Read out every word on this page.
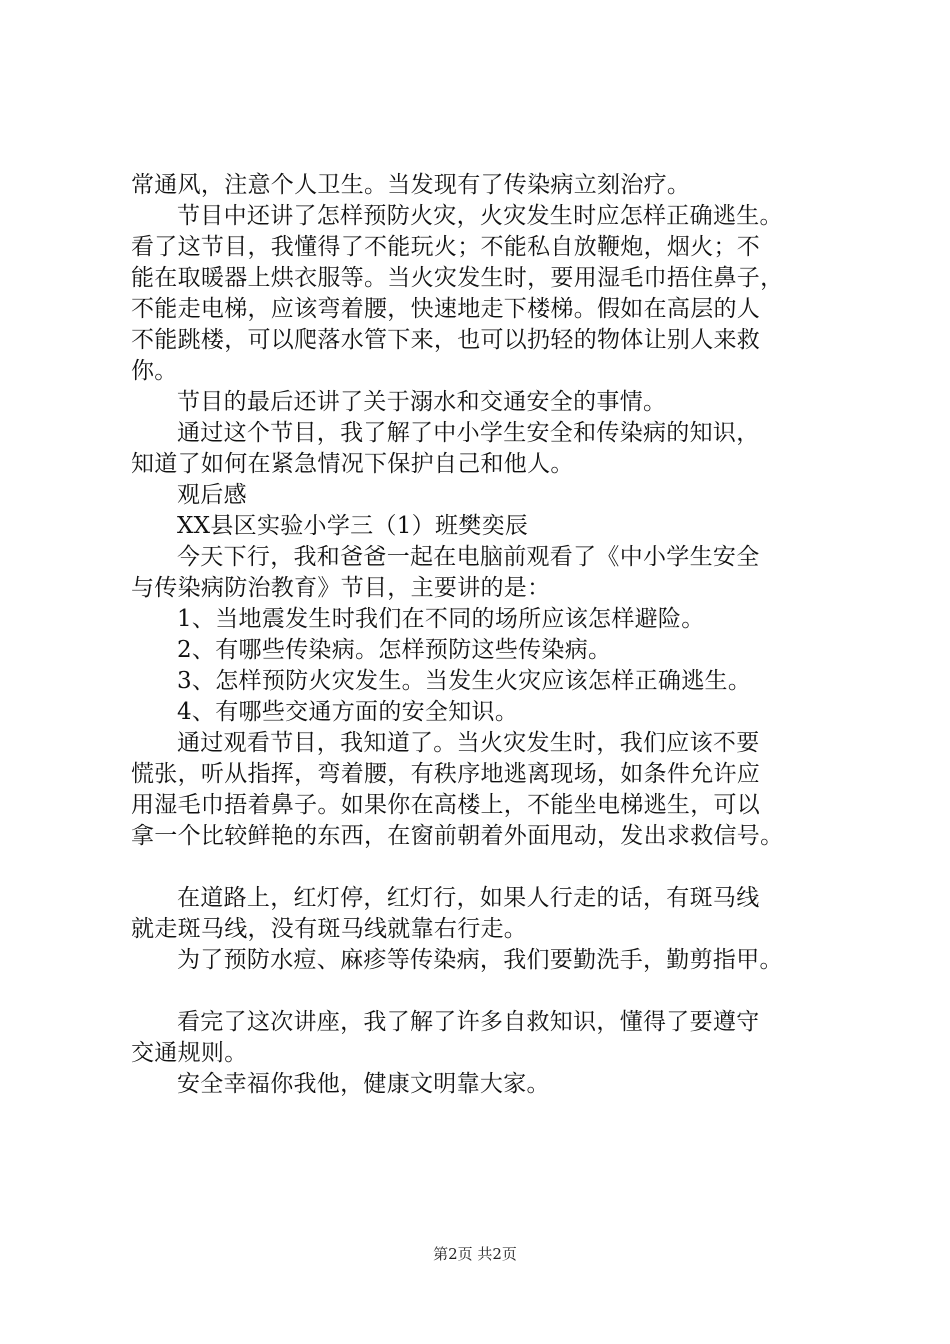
常通风，注意个人卫生。当发现有了传染病立刻治疗。
节目中还讲了怎样预防火灾，火灾发生时应怎样正确逃生。
看了这节目，我懂得了不能玩火；不能私自放鞭炮，烟火；不
能在取暖器上烘衣服等。当火灾发生时，要用湿毛巾捂住鼻子，
不能走电梯，应该弯着腰，快速地走下楼梯。假如在高层的人
不能跳楼，可以爬落水管下来，也可以扔轻的物体让别人来救
你。
节目的最后还讲了关于溺水和交通安全的事情。
通过这个节目，我了解了中小学生安全和传染病的知识，
知道了如何在紧急情况下保护自己和他人。
观后感
XX县区实验小学三（1）班樊奕辰
今天下行，我和爸爸一起在电脑前观看了《中小学生安全
与传染病防治教育》节目，主要讲的是：
1、当地震发生时我们在不同的场所应该怎样避险。
2、有哪些传染病。怎样预防这些传染病。
3、怎样预防火灾发生。当发生火灾应该怎样正确逃生。
4、有哪些交通方面的安全知识。
通过观看节目，我知道了。当火灾发生时，我们应该不要
慌张，听从指挥，弯着腰，有秩序地逃离现场，如条件允许应
用湿毛巾捂着鼻子。如果你在高楼上，不能坐电梯逃生，可以
拿一个比较鲜艳的东西，在窗前朝着外面甩动，发出求救信号。
在道路上，红灯停，红灯行，如果人行走的话，有斑马线
就走斑马线，没有斑马线就靠右行走。
为了预防水痘、麻疹等传染病，我们要勤洗手，勤剪指甲。
看完了这次讲座，我了解了许多自救知识，懂得了要遵守
交通规则。
安全幸福你我他，健康文明靠大家。
第2页 共2页
